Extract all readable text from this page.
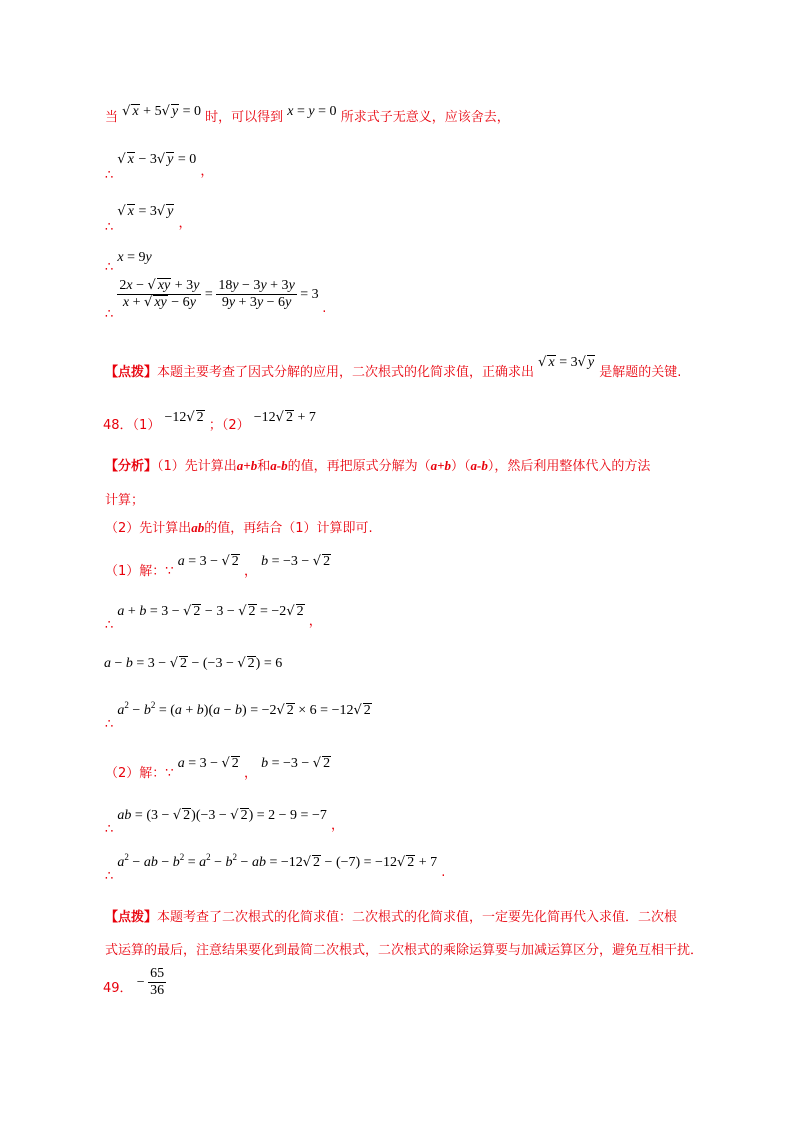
当 √ x + 5√ y = 0 时，可以得到 x = y = 0 所求式子无意义，应该舍去，
∴ √ x − 3√ y = 0 ，
∴ √ x = 3√ y ，
∴ x = 9y
∴
$\frac{2x - √ xy + 3y}{x + √ xy - 6y} = \frac{18y - 3y + 3y}{9y + 3y - 6y} = 3$ .
【点拨】本题主要考查了因式分解的应用，二次根式的化简求值，正确求出 √ x = 3√ y 是解题的关键.
48．（1） −12√ 2 ；（2） −12√ 2 + 7
【分析】（1）先计算出a+b和a-b的值，再把原式分解为（a+b）（a-b），然后利用整体代入的方法
计算；
（2）先计算出ab的值，再结合（1）计算即可.
（1）解：∵ a = 3 − √ 2 ， b = −3 − √ 2
∴ a + b = 3 − √ 2 − 3 − √ 2 = −2√ 2 ，
a − b = 3 − √ 2 − (−3 − √ 2) = 6
∴ $a^2 - b^2 = (a + b)(a - b) = -2√$ 2 × 6 = −12√ 2
（2）解：∵ a = 3 − √ 2 ， b = −3 − √ 2
∴ ab = (3 − √ 2)(−3 − √ 2) = 2 − 9 = −7 ，
∴ $a^2$ − ab − $b^2 = a^2 - b^2$ − ab = −12√ 2 − (−7) = −12√ 2 + 7 .
【点拨】本题考查了二次根式的化简求值：二次根式的化简求值，一定要先化简再代入求值．二次根
式运算的最后，注意结果要化到最简二次根式，二次根式的乘除运算要与加减运算区分，避免互相干扰．
49． − $\frac{65}{36}$
